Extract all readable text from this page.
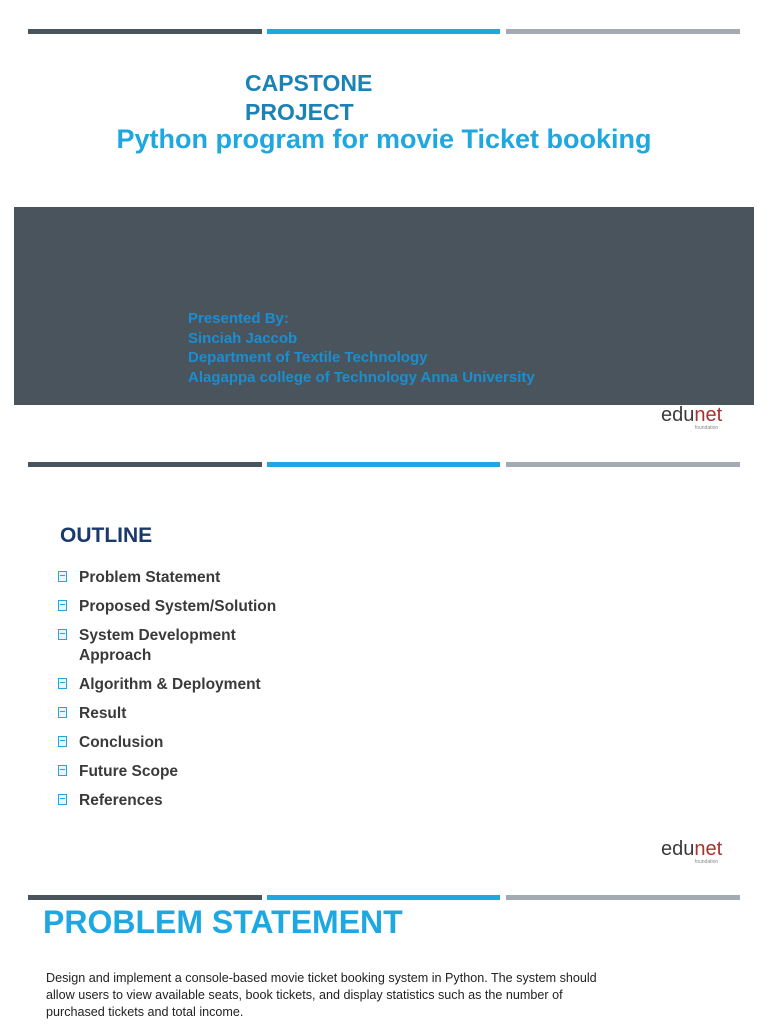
CAPSTONE PROJECT
Python program for movie Ticket booking
Presented By:
Sinciah Jaccob
Department of Textile Technology
Alagappa college of Technology Anna University
edunet
foundation
OUTLINE
Problem Statement
Proposed System/Solution
System Development Approach
Algorithm & Deployment
Result
Conclusion
Future Scope
References
edunet
foundation
PROBLEM STATEMENT
Design and implement a console-based movie ticket booking system in Python. The system should allow users to view available seats, book tickets, and display statistics such as the number of purchased tickets and total income.
